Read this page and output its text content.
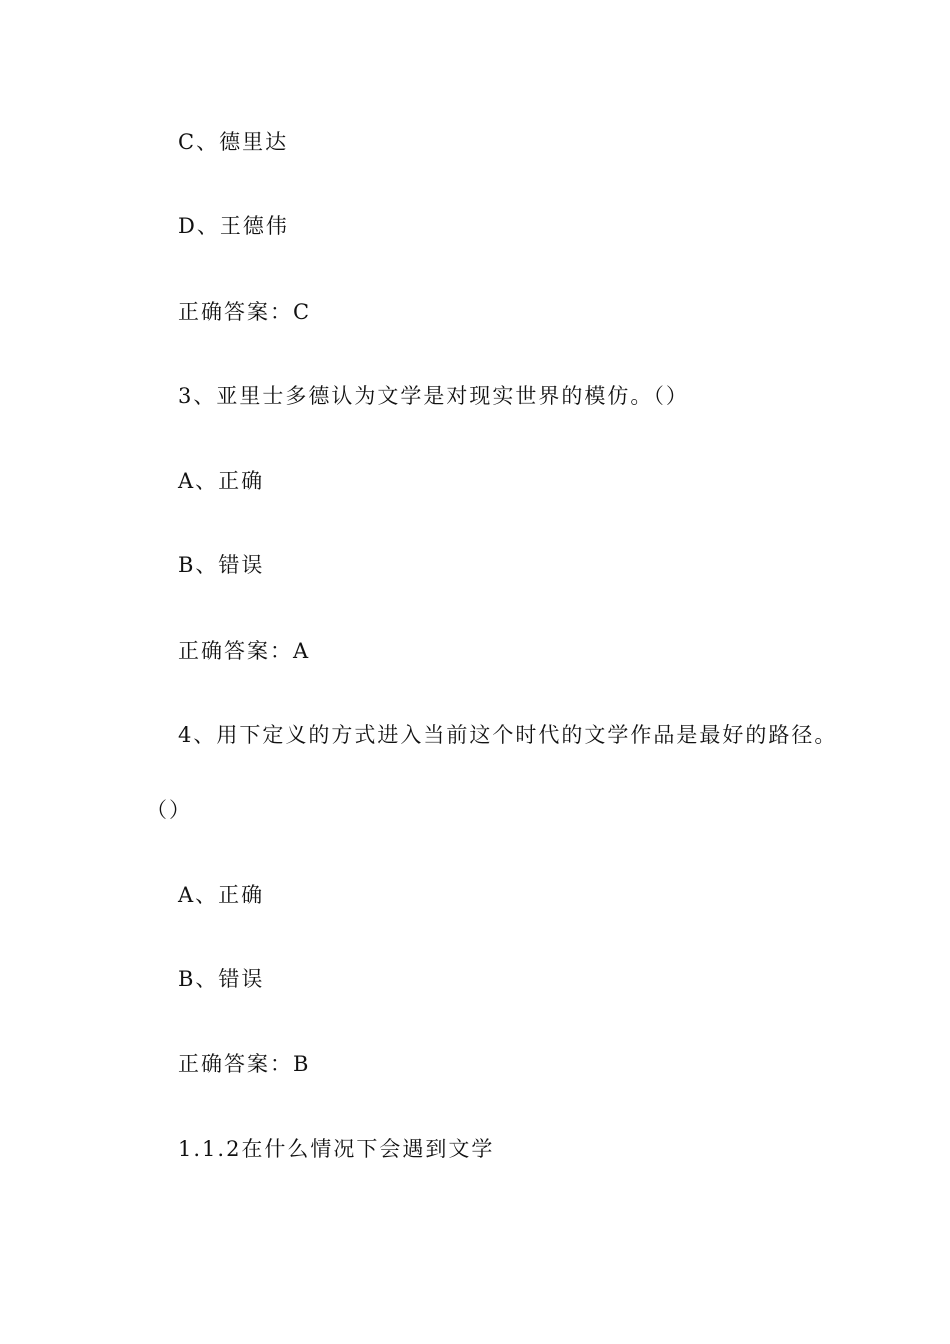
C、德里达

D、王德伟

正确答案：C

3、亚里士多德认为文学是对现实世界的模仿。（）

A、正确

B、错误

正确答案：A

4、用下定义的方式进入当前这个时代的文学作品是最好的路径。

（）

A、正确

B、错误

正确答案：B

1.1.2在什么情况下会遇到文学
